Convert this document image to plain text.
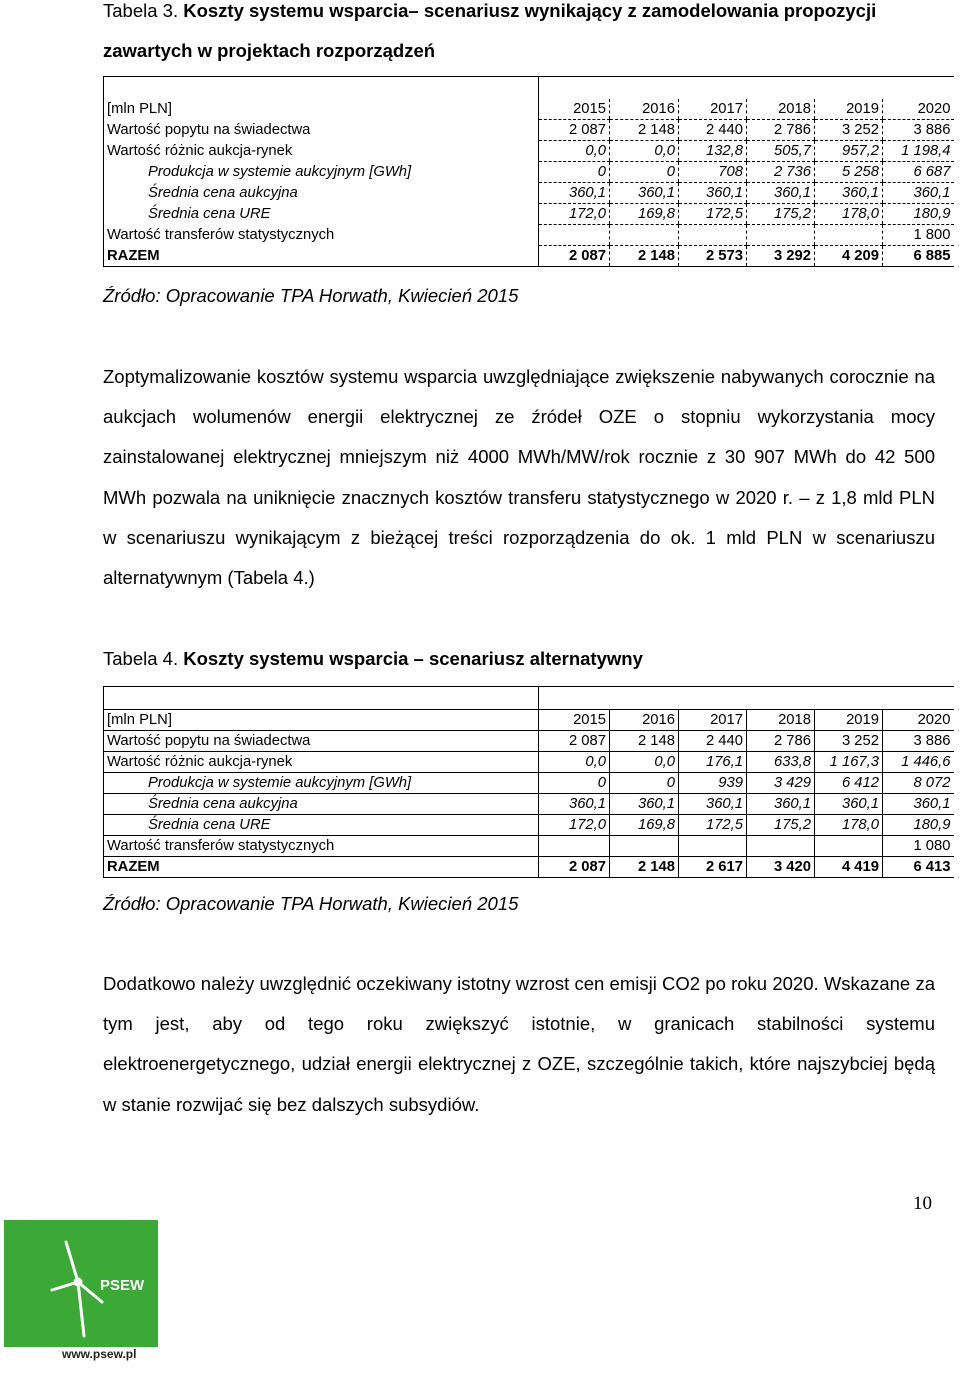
Tabela 3. Koszty systemu wsparcia– scenariusz wynikający z zamodelowania propozycji zawartych w projektach rozporządzeń

[mln PLN]	2015	2016	2017	2018	2019	2020
Wartość popytu na świadectwa	2 087	2 148	2 440	2 786	3 252	3 886
Wartość różnic aukcja-rynek	0,0	0,0	132,8	505,7	957,2	1 198,4
Produkcja w systemie aukcyjnym [GWh]	0	0	708	2 736	5 258	6 687
Średnia cena aukcyjna	360,1	360,1	360,1	360,1	360,1	360,1
Średnia cena URE	172,0	169,8	172,5	175,2	178,0	180,9
Wartość transferów statystycznych						1 800
RAZEM	2 087	2 148	2 573	3 292	4 209	6 885

Źródło: Opracowanie TPA Horwath, Kwiecień 2015

Zoptymalizowanie kosztów systemu wsparcia uwzględniające zwiększenie nabywanych corocznie na aukcjach wolumenów energii elektrycznej ze źródeł OZE o stopniu wykorzystania mocy zainstalowanej elektrycznej mniejszym niż 4000 MWh/MW/rok rocznie z 30 907 MWh do 42 500 MWh pozwala na uniknięcie znacznych kosztów transferu statystycznego w 2020 r. – z 1,8 mld PLN w scenariuszu wynikającym z bieżącej treści rozporządzenia do ok. 1 mld PLN w scenariuszu alternatywnym (Tabela 4.)

Tabela 4. Koszty systemu wsparcia – scenariusz alternatywny

[mln PLN]	2015	2016	2017	2018	2019	2020
Wartość popytu na świadectwa	2 087	2 148	2 440	2 786	3 252	3 886
Wartość różnic aukcja-rynek	0,0	0,0	176,1	633,8	1 167,3	1 446,6
Produkcja w systemie aukcyjnym [GWh]	0	0	939	3 429	6 412	8 072
Średnia cena aukcyjna	360,1	360,1	360,1	360,1	360,1	360,1
Średnia cena URE	172,0	169,8	172,5	175,2	178,0	180,9
Wartość transferów statystycznych						1 080
RAZEM	2 087	2 148	2 617	3 420	4 419	6 413

Źródło: Opracowanie TPA Horwath, Kwiecień 2015

Dodatkowo należy uwzględnić oczekiwany istotny wzrost cen emisji CO2 po roku 2020. Wskazane za tym jest, aby od tego roku zwiększyć istotnie, w granicach stabilności systemu elektroenergetycznego, udział energii elektrycznej z OZE, szczególnie takich, które najszybciej będą w stanie rozwijać się bez dalszych subsydiów.

10
PSEW
www.psew.pl
